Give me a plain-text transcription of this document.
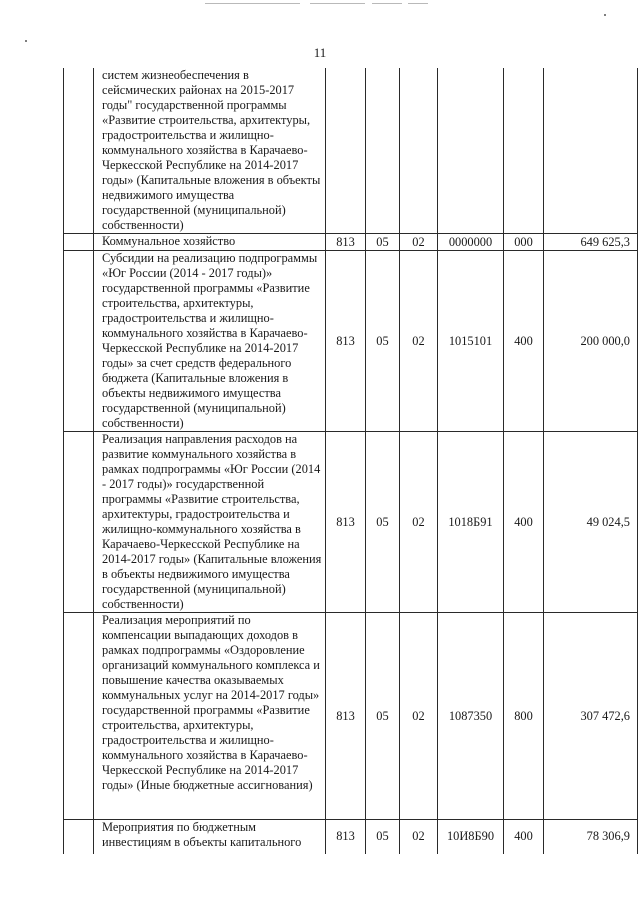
11
	систем жизнеобеспечения в сейсмических районах на 2015-2017 годы" государственной программы «Развитие строительства, архитектуры, градостроительства и жилищно-коммунального хозяйства в Карачаево-Черкесской Республике на 2014-2017 годы» (Капитальные вложения в объекты недвижимого имущества государственной (муниципальной) собственности)						
	Коммунальное хозяйство	813	05	02	0000000	000	649 625,3
	Субсидии на реализацию подпрограммы «Юг России (2014 - 2017 годы)» государственной программы «Развитие строительства, архитектуры, градостроительства и жилищно-коммунального хозяйства в Карачаево-Черкесской Республике на 2014-2017 годы» за счет средств федерального бюджета (Капитальные вложения в объекты недвижимого имущества государственной (муниципальной) собственности)	813	05	02	1015101	400	200 000,0
	Реализация направления расходов на развитие коммунального хозяйства в рамках подпрограммы «Юг России (2014 - 2017 годы)» государственной программы «Развитие строительства, архитектуры, градостроительства и жилищно-коммунального хозяйства в Карачаево-Черкесской Республике на 2014-2017 годы» (Капитальные вложения в объекты недвижимого имущества государственной (муниципальной) собственности)	813	05	02	1018Б91	400	49 024,5
	Реализация мероприятий по компенсации выпадающих доходов в рамках подпрограммы «Оздоровление организаций коммунального комплекса и повышение качества оказываемых коммунальных услуг на 2014-2017 годы» государственной программы «Развитие строительства, архитектуры, градостроительства и жилищно-коммунального хозяйства в Карачаево-Черкесской Республике на 2014-2017 годы» (Иные бюджетные ассигнования)	813	05	02	1087350	800	307 472,6
	Мероприятия по бюджетным инвестициям в объекты капитального	813	05	02	10И8Б90	400	78 306,9
